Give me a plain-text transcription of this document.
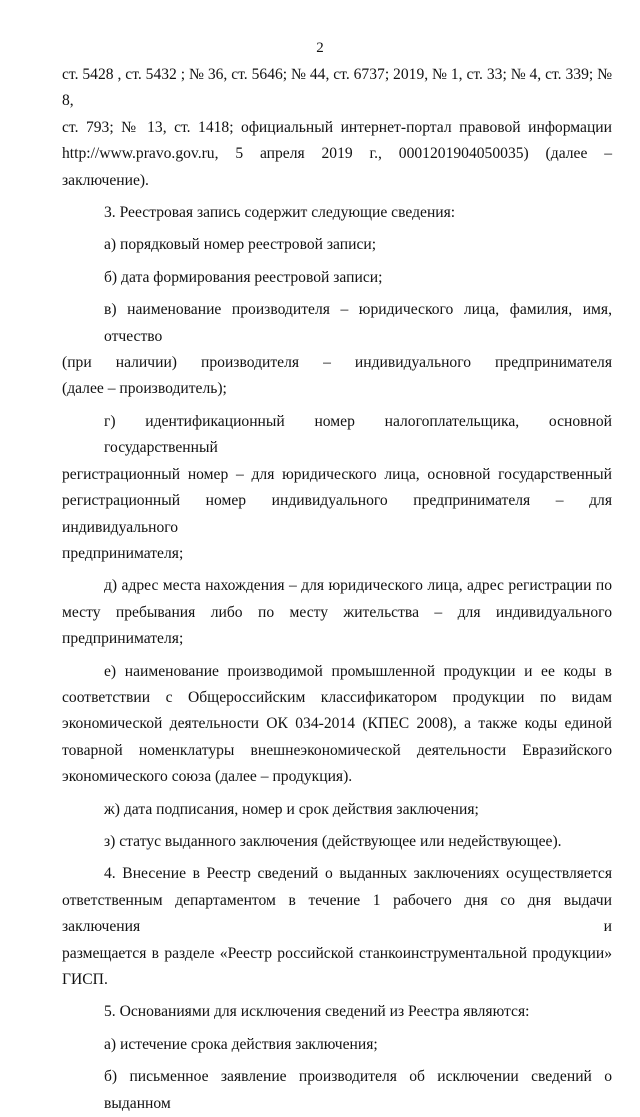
2
ст. 5428 , ст. 5432 ; № 36, ст. 5646; № 44, ст. 6737; 2019, № 1, ст. 33; № 4, ст. 339; № 8,
ст. 793; № 13, ст. 1418; официальный интернет-портал правовой информации
http://www.pravo.gov.ru, 5 апреля 2019 г., 0001201904050035) (далее – заключение).
3. Реестровая запись содержит следующие сведения:
а) порядковый номер реестровой записи;
б) дата формирования реестровой записи;
в) наименование производителя – юридического лица, фамилия, имя, отчество
(при наличии) производителя – индивидуального предпринимателя
(далее – производитель);
г) идентификационный номер налогоплательщика, основной государственный
регистрационный номер – для юридического лица, основной государственный
регистрационный номер индивидуального предпринимателя – для индивидуального
предпринимателя;
д) адрес места нахождения – для юридического лица, адрес регистрации по
месту пребывания либо по месту жительства – для индивидуального
предпринимателя;
е) наименование производимой промышленной продукции и ее коды в
соответствии с Общероссийским классификатором продукции по видам
экономической деятельности ОК 034-2014 (КПЕС 2008), а также коды единой
товарной номенклатуры внешнеэкономической деятельности Евразийского
экономического союза (далее – продукция).
ж) дата подписания, номер и срок действия заключения;
з) статус выданного заключения (действующее или недействующее).
4. Внесение в Реестр сведений о выданных заключениях осуществляется
ответственным департаментом в течение 1 рабочего дня со дня выдачи заключения и
размещается в разделе «Реестр российской станкоинструментальной продукции»
ГИСП.
5. Основаниями для исключения сведений из Реестра являются:
а) истечение срока действия заключения;
б) письменное заявление производителя об исключении сведений о выданном
